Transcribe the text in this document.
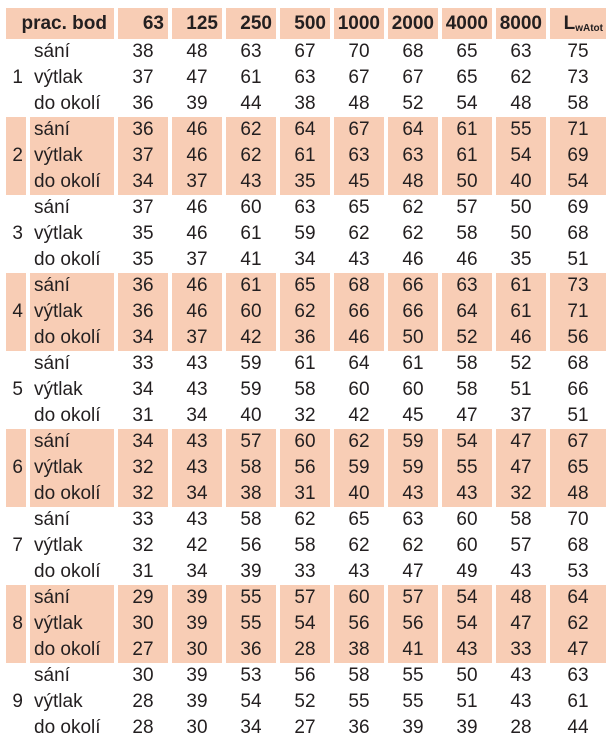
prac. bod		63	125	250	500	1000	2000	4000	8000	$L_{wAtot}$
1	sání	38	48	63	67	70	68	65	63	75
	výtlak	37	47	61	63	67	67	65	62	73
	do okolí	36	39	44	38	48	52	54	48	58
2	sání	36	46	62	64	67	64	61	55	71
	výtlak	37	46	62	61	63	63	61	54	69
	do okolí	34	37	43	35	45	48	50	40	54
3	sání	37	46	60	63	65	62	57	50	69
	výtlak	35	46	61	59	62	62	58	50	68
	do okolí	35	37	41	34	43	46	46	35	51
4	sání	36	46	61	65	68	66	63	61	73
	výtlak	36	46	60	62	66	66	64	61	71
	do okolí	34	37	42	36	46	50	52	46	56
5	sání	33	43	59	61	64	61	58	52	68
	výtlak	34	43	59	58	60	60	58	51	66
	do okolí	31	34	40	32	42	45	47	37	51
6	sání	34	43	57	60	62	59	54	47	67
	výtlak	32	43	58	56	59	59	55	47	65
	do okolí	32	34	38	31	40	43	43	32	48
7	sání	33	43	58	62	65	63	60	58	70
	výtlak	32	42	56	58	62	62	60	57	68
	do okolí	31	34	39	33	43	47	49	43	53
8	sání	29	39	55	57	60	57	54	48	64
	výtlak	30	39	55	54	56	56	54	47	62
	do okolí	27	30	36	28	38	41	43	33	47
9	sání	30	39	53	56	58	55	50	43	63
	výtlak	28	39	54	52	55	55	51	43	61
	do okolí	28	30	34	27	36	39	39	28	44
